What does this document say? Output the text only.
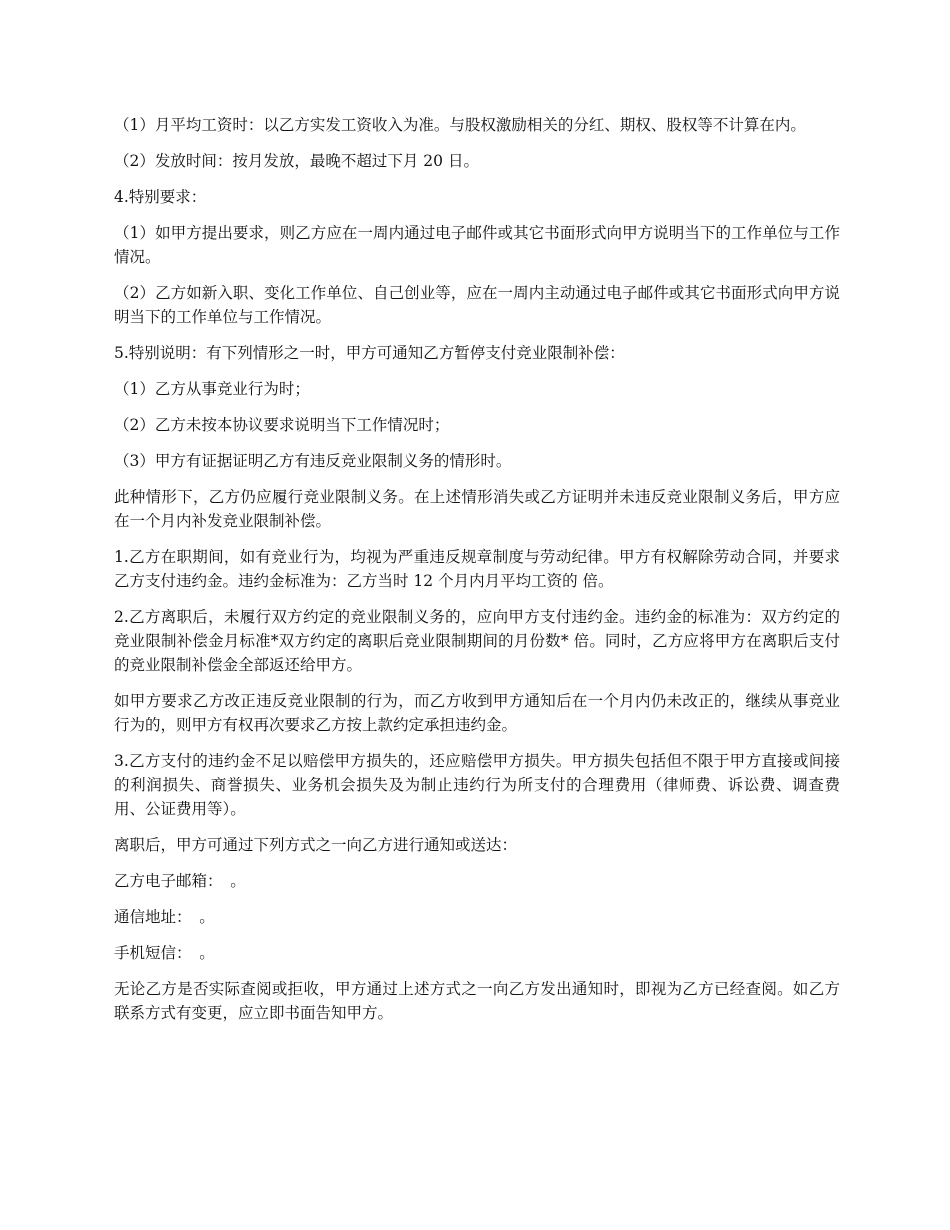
（1）月平均工资时：以乙方实发工资收入为准。与股权激励相关的分红、期权、股权等不计算在内。

（2）发放时间：按月发放，最晚不超过下月 20 日。

4.特别要求：

（1）如甲方提出要求，则乙方应在一周内通过电子邮件或其它书面形式向甲方说明当下的工作单位与工作情况。

（2）乙方如新入职、变化工作单位、自己创业等，应在一周内主动通过电子邮件或其它书面形式向甲方说明当下的工作单位与工作情况。

5.特别说明：有下列情形之一时，甲方可通知乙方暂停支付竞业限制补偿：

（1）乙方从事竞业行为时；

（2）乙方未按本协议要求说明当下工作情况时；

（3）甲方有证据证明乙方有违反竞业限制义务的情形时。

此种情形下，乙方仍应履行竞业限制义务。在上述情形消失或乙方证明并未违反竞业限制义务后，甲方应在一个月内补发竞业限制补偿。

1.乙方在职期间，如有竞业行为，均视为严重违反规章制度与劳动纪律。甲方有权解除劳动合同，并要求乙方支付违约金。违约金标准为：乙方当时 12 个月内月平均工资的 倍。

2.乙方离职后，未履行双方约定的竞业限制义务的，应向甲方支付违约金。违约金的标准为：双方约定的竞业限制补偿金月标准*双方约定的离职后竞业限制期间的月份数* 倍。同时，乙方应将甲方在离职后支付的竞业限制补偿金全部返还给甲方。

如甲方要求乙方改正违反竞业限制的行为，而乙方收到甲方通知后在一个月内仍未改正的，继续从事竞业行为的，则甲方有权再次要求乙方按上款约定承担违约金。

3.乙方支付的违约金不足以赔偿甲方损失的，还应赔偿甲方损失。甲方损失包括但不限于甲方直接或间接的利润损失、商誉损失、业务机会损失及为制止违约行为所支付的合理费用（律师费、诉讼费、调查费用、公证费用等）。

离职后，甲方可通过下列方式之一向乙方进行通知或送达：

乙方电子邮箱：　。

通信地址：　。

手机短信：　。

无论乙方是否实际查阅或拒收，甲方通过上述方式之一向乙方发出通知时，即视为乙方已经查阅。如乙方联系方式有变更，应立即书面告知甲方。
